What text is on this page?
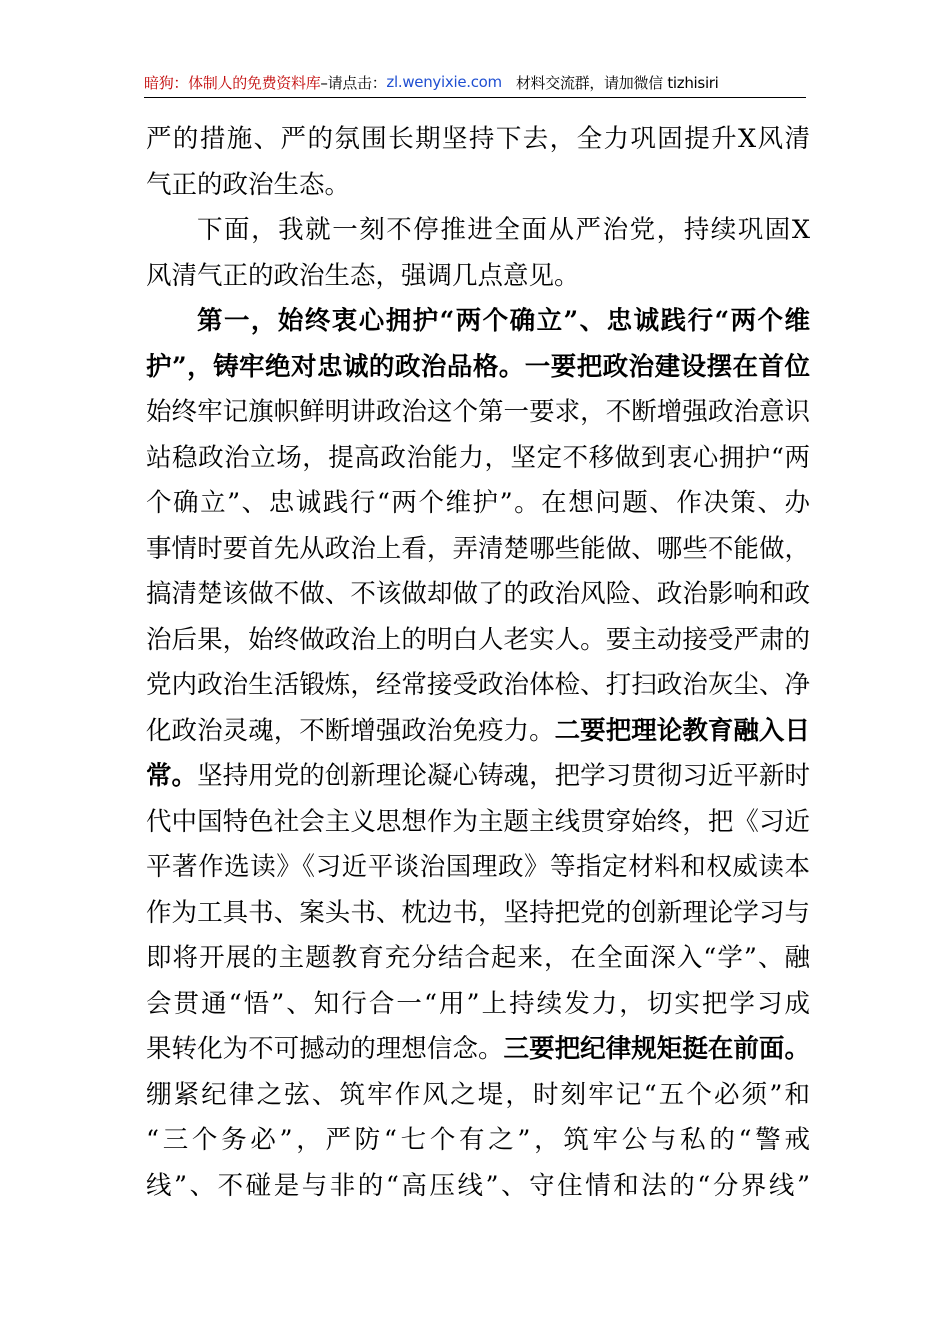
暗狗：体制人的免费资料库 –请点击： zl.wenyixie.com 材料交流群，请加微信 tizhisiri
严的措施、严的氛围长期坚持下去，全力巩固提升X风清
气正的政治生态。
下面，我就一刻不停推进全面从严治党，持续巩固X
风清气正的政治生态，强调几点意见。
第一，始终衷心拥护“两个确立”、忠诚践行“两个维
护”，铸牢绝对忠诚的政治品格。一要把政治建设摆在首位
始终牢记旗帜鲜明讲政治这个第一要求，不断增强政治意识
站稳政治立场，提高政治能力，坚定不移做到衷心拥护“两
个确立”、忠诚践行“两个维护”。在想问题、作决策、办
事情时要首先从政治上看，弄清楚哪些能做、哪些不能做，
搞清楚该做不做、不该做却做了的政治风险、政治影响和政
治后果，始终做政治上的明白人老实人。要主动接受严肃的
党内政治生活锻炼，经常接受政治体检、打扫政治灰尘、净
化政治灵魂，不断增强政治免疫力。二要把理论教育融入日
常。坚持用党的创新理论凝心铸魂，把学习贯彻习近平新时
代中国特色社会主义思想作为主题主线贯穿始终，把《习近
平著作选读》《习近平谈治国理政》等指定材料和权威读本
作为工具书、案头书、枕边书，坚持把党的创新理论学习与
即将开展的主题教育充分结合起来，在全面深入“学”、融
会贯通“悟”、知行合一“用”上持续发力，切实把学习成
果转化为不可撼动的理想信念。三要把纪律规矩挺在前面。
绷紧纪律之弦、筑牢作风之堤，时刻牢记“五个必须”和
“三个务必”，严防“七个有之”，筑牢公与私的“警戒
线”、不碰是与非的“高压线”、守住情和法的“分界线”
